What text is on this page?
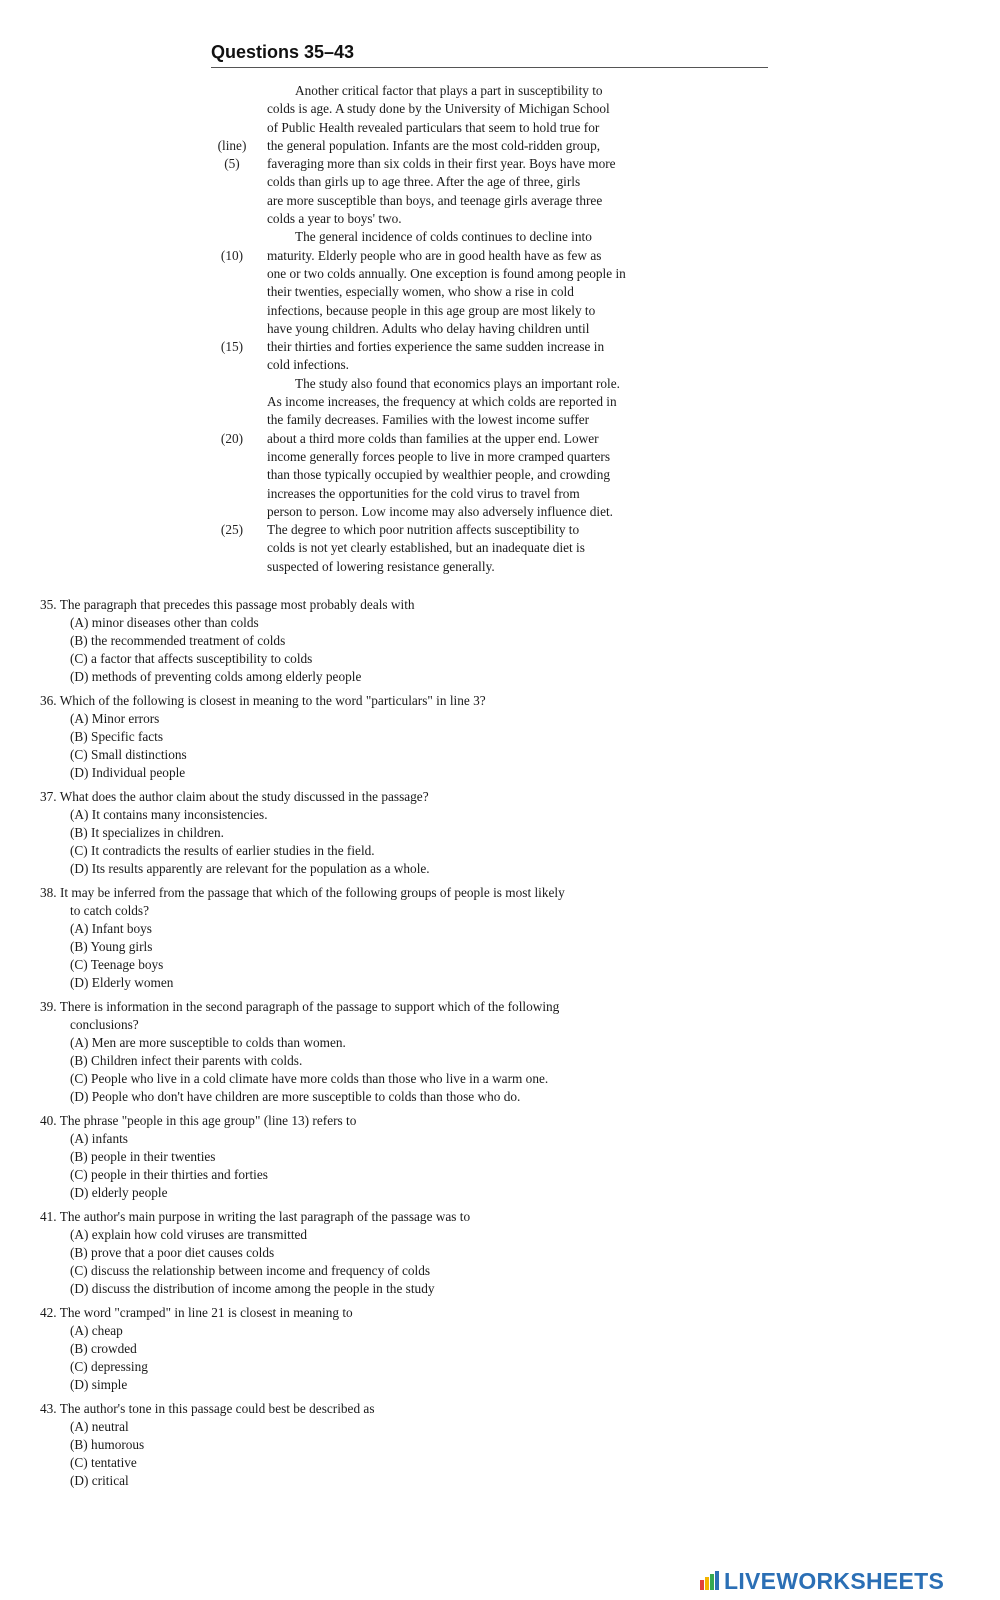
Questions 35–43
Another critical factor that plays a part in susceptibility to
colds is age. A study done by the University of Michigan School
of Public Health revealed particulars that seem to hold true for
(line)	the general population. Infants are the most cold-ridden group,
(5)	faveraging more than six colds in their first year. Boys have more
colds than girls up to age three. After the age of three, girls
are more susceptible than boys, and teenage girls average three
colds a year to boys' two.
The general incidence of colds continues to decline into
(10)	maturity. Elderly people who are in good health have as few as
one or two colds annually. One exception is found among people in
their twenties, especially women, who show a rise in cold
infections, because people in this age group are most likely to
have young children. Adults who delay having children until
(15)	their thirties and forties experience the same sudden increase in
cold infections.
The study also found that economics plays an important role.
As income increases, the frequency at which colds are reported in
the family decreases. Families with the lowest income suffer
(20)	about a third more colds than families at the upper end. Lower
income generally forces people to live in more cramped quarters
than those typically occupied by wealthier people, and crowding
increases the opportunities for the cold virus to travel from
person to person. Low income may also adversely influence diet.
(25)	The degree to which poor nutrition affects susceptibility to
colds is not yet clearly established, but an inadequate diet is
suspected of lowering resistance generally.
35. The paragraph that precedes this passage most probably deals with
(A) minor diseases other than colds
(B) the recommended treatment of colds
(C) a factor that affects susceptibility to colds
(D) methods of preventing colds among elderly people
36. Which of the following is closest in meaning to the word "particulars" in line 3?
(A) Minor errors
(B) Specific facts
(C) Small distinctions
(D) Individual people
37. What does the author claim about the study discussed in the passage?
(A) It contains many inconsistencies.
(B) It specializes in children.
(C) It contradicts the results of earlier studies in the field.
(D) Its results apparently are relevant for the population as a whole.
38. It may be inferred from the passage that which of the following groups of people is most likely
to catch colds?
(A) Infant boys
(B) Young girls
(C) Teenage boys
(D) Elderly women
39. There is information in the second paragraph of the passage to support which of the following
conclusions?
(A) Men are more susceptible to colds than women.
(B) Children infect their parents with colds.
(C) People who live in a cold climate have more colds than those who live in a warm one.
(D) People who don't have children are more susceptible to colds than those who do.
40. The phrase "people in this age group" (line 13) refers to
(A) infants
(B) people in their twenties
(C) people in their thirties and forties
(D) elderly people
41. The author's main purpose in writing the last paragraph of the passage was to
(A) explain how cold viruses are transmitted
(B) prove that a poor diet causes colds
(C) discuss the relationship between income and frequency of colds
(D) discuss the distribution of income among the people in the study
42. The word "cramped" in line 21 is closest in meaning to
(A) cheap
(B) crowded
(C) depressing
(D) simple
43. The author's tone in this passage could best be described as
(A) neutral
(B) humorous
(C) tentative
(D) critical
LIVEWORKSHEETS
